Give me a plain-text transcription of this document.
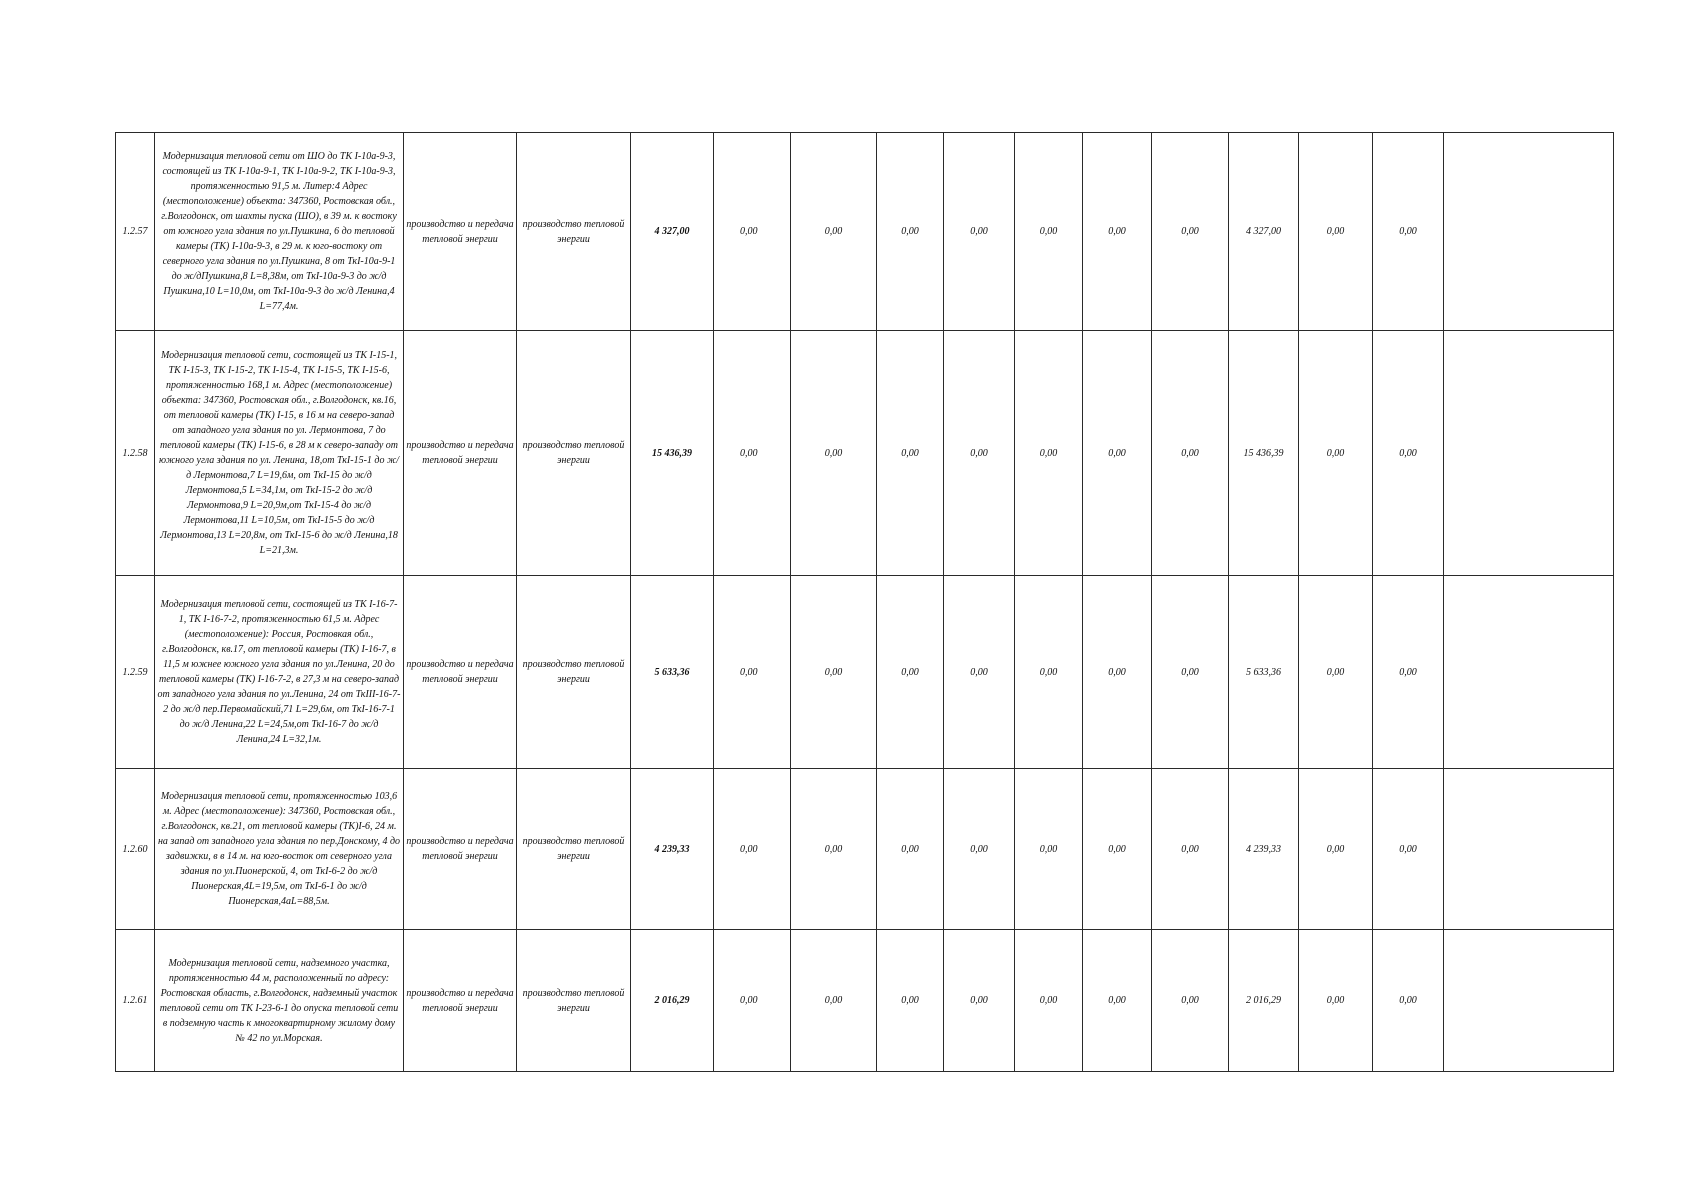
1.2.57	Модернизация тепловой сети от ШО до ТК I-10а-9-3, состоящей из ТК I-10а-9-1, ТК I-10а-9-2, ТК I-10а-9-3, протяженностью 91,5 м. Литер:4 Адрес (местоположение) объекта: 347360, Ростовская обл., г.Волгодонск, от шахты пуска (ШО), в 39 м. к востоку от южного угла здания по ул.Пушкина, 6 до тепловой камеры (ТК) I-10а-9-3, в 29 м. к юго-востоку от северного угла здания по ул.Пушкина, 8 от ТкI-10а-9-1 до ж/дПушкина,8 L=8,38м, от ТкI-10а-9-3 до ж/д Пушкина,10 L=10,0м, от ТкI-10а-9-3 до ж/д Ленина,4 L=77,4м.	производство и передача тепловой энергии	производство тепловой энергии	4 327,00	0,00	0,00	0,00	0,00	0,00	0,00	0,00	4 327,00	0,00	0,00	
1.2.58	Модернизация тепловой сети, состоящей из ТК I-15-1, ТК I-15-3, ТК I-15-2, ТК I-15-4, ТК I-15-5, ТК I-15-6, протяженностью 168,1 м. Адрес (местоположение) объекта: 347360, Ростовская обл., г.Волгодонск, кв.16, от тепловой камеры (ТК) I-15, в 16 м на северо-запад от западного угла здания по ул. Лермонтова, 7 до тепловой камеры (ТК) I-15-6, в 28 м к северо-западу от южного угла здания по ул. Ленина, 18,от ТкI-15-1 до ж/д Лермонтова,7 L=19,6м, от ТкI-15 до ж/д Лермонтова,5 L=34,1м, от ТкI-15-2 до ж/д Лермонтова,9 L=20,9м,от ТкI-15-4 до ж/д Лермонтова,11 L=10,5м, от ТкI-15-5 до ж/д Лермонтова,13 L=20,8м, от ТкI-15-6 до ж/д Ленина,18 L=21,3м.	производство и передача тепловой энергии	производство тепловой энергии	15 436,39	0,00	0,00	0,00	0,00	0,00	0,00	0,00	15 436,39	0,00	0,00	
1.2.59	Модернизация тепловой сети, состоящей из ТК I-16-7-1, ТК I-16-7-2, протяженностью 61,5 м. Адрес (местоположение): Россия, Ростовкая обл., г.Волгодонск, кв.17, от тепловой камеры (ТК) I-16-7, в 11,5 м южнее южного угла здания по ул.Ленина, 20 до тепловой камеры (ТК) I-16-7-2, в 27,3 м на северо-запад от западного угла здания по ул.Ленина, 24 от ТкIII-16-7-2 до ж/д пер.Первомайский,71 L=29,6м, от ТкI-16-7-1 до ж/д Ленина,22 L=24,5м,от ТкI-16-7 до ж/д Ленина,24 L=32,1м.	производство и передача тепловой энергии	производство тепловой энергии	5 633,36	0,00	0,00	0,00	0,00	0,00	0,00	0,00	5 633,36	0,00	0,00	
1.2.60	Модернизация тепловой сети, протяженностью 103,6 м. Адрес (местоположение): 347360, Ростовская обл., г.Волгодонск, кв.21, от тепловой камеры (ТК)I-6, 24 м. на запад от западного угла здания по пер.Донскому, 4 до задвижки, в в 14 м. на юго-восток от северного угла здания по ул.Пионерской, 4, от ТкI-6-2 до ж/д Пионерская,4L=19,5м, от ТкI-6-1 до ж/д Пионерская,4аL=88,5м.	производство и передача тепловой энергии	производство тепловой энергии	4 239,33	0,00	0,00	0,00	0,00	0,00	0,00	0,00	4 239,33	0,00	0,00	
1.2.61	Модернизация тепловой сети, надземного участка, протяженностью 44 м, расположенный по адресу: Ростовская область, г.Волгодонск, надземный участок тепловой сети от ТК I-23-6-1 до опуска тепловой сети в подземную часть к многоквартирному жилому дому № 42 по ул.Морская.	производство и передача тепловой энергии	производство тепловой энергии	2 016,29	0,00	0,00	0,00	0,00	0,00	0,00	0,00	2 016,29	0,00	0,00	
